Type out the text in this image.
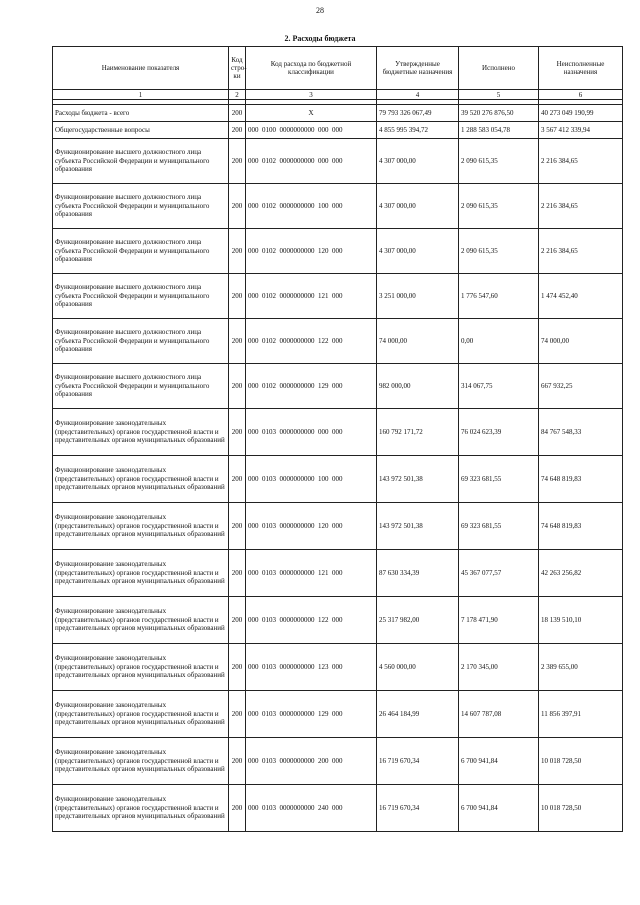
28
2. Расходы бюджета
Наименование показателя	Код стро- ки	Код расхода по бюджетной классификации	Утвержденные бюджетные назначения	Исполнено	Неисполненные назначения
1	2	3	4	5	6

Расходы бюджета - всего	200	X	79 793 326 067,49	39 520 276 876,50	40 273 049 190,99
Общегосударственные вопросы	200	000  0100  0000000000  000  000	4 855 995 394,72	1 288 583 054,78	3 567 412 339,94
Функционирование высшего должностного лица субъекта Российской Федерации и муниципального образования	200	000  0102  0000000000  000  000	4 307 000,00	2 090 615,35	2 216 384,65
Функционирование высшего должностного лица субъекта Российской Федерации и муниципального образования	200	000  0102  0000000000  100  000	4 307 000,00	2 090 615,35	2 216 384,65
Функционирование высшего должностного лица субъекта Российской Федерации и муниципального образования	200	000  0102  0000000000  120  000	4 307 000,00	2 090 615,35	2 216 384,65
Функционирование высшего должностного лица субъекта Российской Федерации и муниципального образования	200	000  0102  0000000000  121  000	3 251 000,00	1 776 547,60	1 474 452,40
Функционирование высшего должностного лица субъекта Российской Федерации и муниципального образования	200	000  0102  0000000000  122  000	74 000,00	0,00	74 000,00
Функционирование высшего должностного лица субъекта Российской Федерации и муниципального образования	200	000  0102  0000000000  129  000	982 000,00	314 067,75	667 932,25
Функционирование законодательных (представительных) органов государственной власти и представительных органов муниципальных образований	200	000  0103  0000000000  000  000	160 792 171,72	76 024 623,39	84 767 548,33
Функционирование законодательных (представительных) органов государственной власти и представительных органов муниципальных образований	200	000  0103  0000000000  100  000	143 972 501,38	69 323 681,55	74 648 819,83
Функционирование законодательных (представительных) органов государственной власти и представительных органов муниципальных образований	200	000  0103  0000000000  120  000	143 972 501,38	69 323 681,55	74 648 819,83
Функционирование законодательных (представительных) органов государственной власти и представительных органов муниципальных образований	200	000  0103  0000000000  121  000	87 630 334,39	45 367 077,57	42 263 256,82
Функционирование законодательных (представительных) органов государственной власти и представительных органов муниципальных образований	200	000  0103  0000000000  122  000	25 317 982,00	7 178 471,90	18 139 510,10
Функционирование законодательных (представительных) органов государственной власти и представительных органов муниципальных образований	200	000  0103  0000000000  123  000	4 560 000,00	2 170 345,00	2 389 655,00
Функционирование законодательных (представительных) органов государственной власти и представительных органов муниципальных образований	200	000  0103  0000000000  129  000	26 464 184,99	14 607 787,08	11 856 397,91
Функционирование законодательных (представительных) органов государственной власти и представительных органов муниципальных образований	200	000  0103  0000000000  200  000	16 719 670,34	6 700 941,84	10 018 728,50
Функционирование законодательных (представительных) органов государственной власти и представительных органов муниципальных образований	200	000  0103  0000000000  240  000	16 719 670,34	6 700 941,84	10 018 728,50
